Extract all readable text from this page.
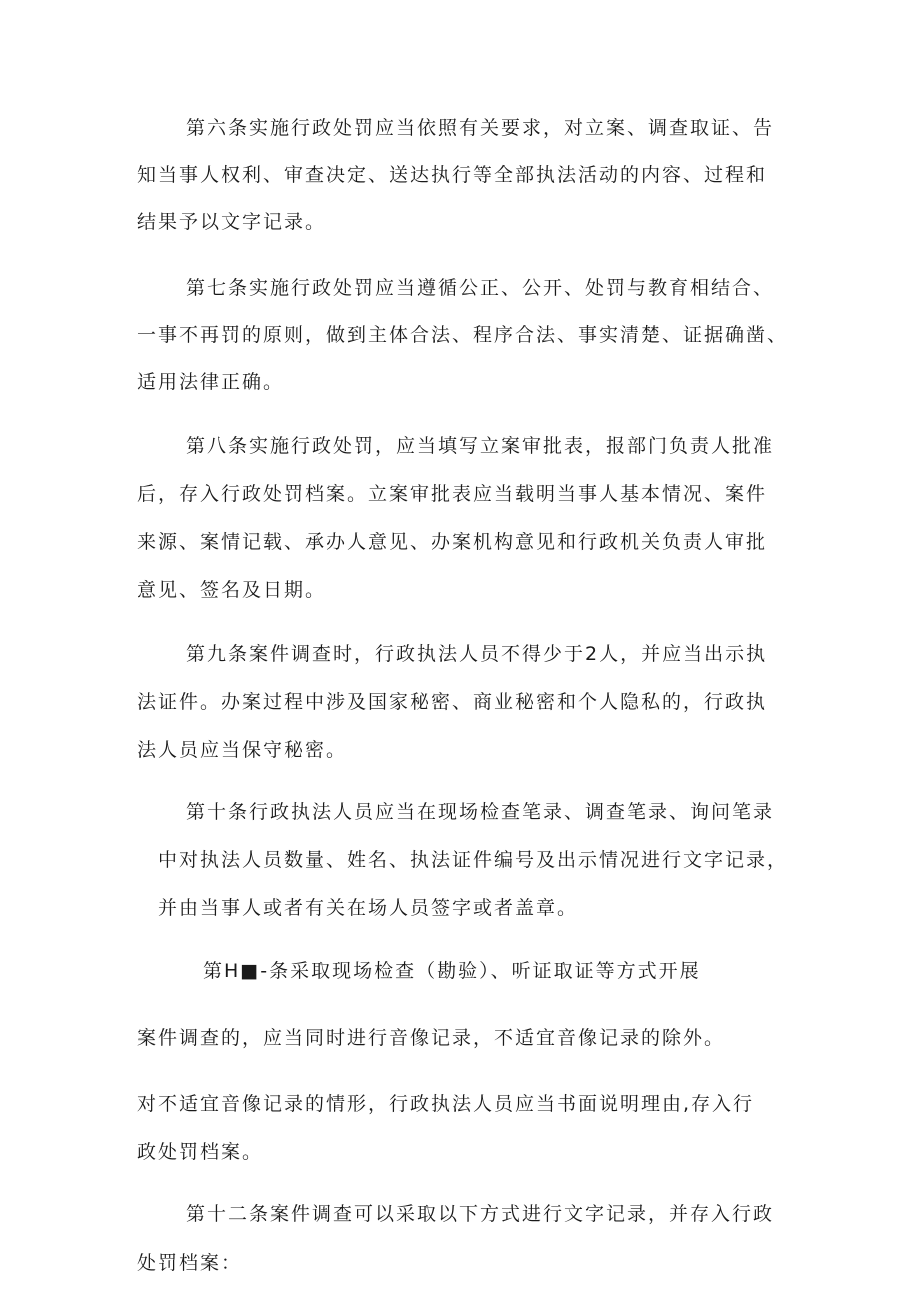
第六条实施行政处罚应当依照有关要求，对立案、调查取证、告
知当事人权利、审查决定、送达执行等全部执法活动的内容、过程和
结果予以文字记录。
第七条实施行政处罚应当遵循公正、公开、处罚与教育相结合、
一事不再罚的原则，做到主体合法、程序合法、事实清楚、证据确凿、
适用法律正确。
第八条实施行政处罚，应当填写立案审批表，报部门负责人批准
后，存入行政处罚档案。立案审批表应当载明当事人基本情况、案件
来源、案情记载、承办人意见、办案机构意见和行政机关负责人审批
意见、签名及日期。
第九条案件调查时，行政执法人员不得少于2人，并应当出示执
法证件。办案过程中涉及国家秘密、商业秘密和个人隐私的，行政执
法人员应当保守秘密。
第十条行政执法人员应当在现场检查笔录、调查笔录、询问笔录
中对执法人员数量、姓名、执法证件编号及出示情况进行文字记录，
并由当事人或者有关在场人员签字或者盖章。
第H■-条采取现场检查（勘验）、听证取证等方式开展
案件调查的，应当同时进行音像记录，不适宜音像记录的除外。
对不适宜音像记录的情形，行政执法人员应当书面说明理由,存入行
政处罚档案。
第十二条案件调查可以采取以下方式进行文字记录，并存入行政
处罚档案：
